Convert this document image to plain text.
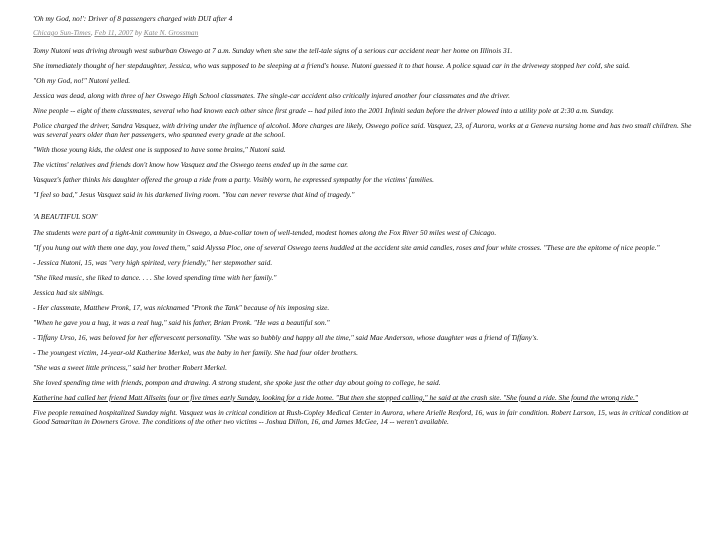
'Oh my God, no!': Driver of 8 passengers charged with DUI after 4
Chicago Sun-Times, Feb 11, 2007 by Kate N. Grossman

Tomy Nutoni was driving through west suburban Oswego at 7 a.m. Sunday when she saw the tell-tale signs of a serious car accident near her home on Illinois 31.

She immediately thought of her stepdaughter, Jessica, who was supposed to be sleeping at a friend's house. Nutoni guessed it to that house. A police squad car in the driveway stopped her cold, she said.

"Oh my God, no!" Nutoni yelled.

Jessica was dead, along with three of her Oswego High School classmates. The single-car accident also critically injured another four classmates and the driver.

Nine people -- eight of them classmates, several who had known each other since first grade -- had piled into the 2001 Infiniti sedan before the driver plowed into a utility pole at 2:30 a.m. Sunday.

Police charged the driver, Sandra Vasquez, with driving under the influence of alcohol. More charges are likely, Oswego police said. Vasquez, 23, of Aurora, works at a Geneva nursing home and has two small children. She was several years older than her passengers, who spanned every grade at the school.

"With those young kids, the oldest one is supposed to have some brains," Nutoni said.

The victims' relatives and friends don't know how Vasquez and the Oswego teens ended up in the same car.

Vasquez's father thinks his daughter offered the group a ride from a party. Visibly worn, he expressed sympathy for the victims' families.

"I feel so bad," Jesus Vasquez said in his darkened living room. "You can never reverse that kind of tragedy."

'A BEAUTIFUL SON'

The students were part of a tight-knit community in Oswego, a blue-collar town of well-tended, modest homes along the Fox River 50 miles west of Chicago.

"If you hung out with them one day, you loved them," said Alyssa Ploc, one of several Oswego teens huddled at the accident site amid candles, roses and four white crosses. "These are the epitome of nice people."

- Jessica Nutoni, 15, was "very high spirited, very friendly," her stepmother said.

"She liked music, she liked to dance. . . . She loved spending time with her family."

Jessica had six siblings.

- Her classmate, Matthew Pronk, 17, was nicknamed "Pronk the Tank" because of his imposing size.

"When he gave you a hug, it was a real hug," said his father, Brian Pronk. "He was a beautiful son."

- Tiffany Urso, 16, was beloved for her effervescent personality. "She was so bubbly and happy all the time," said Mae Anderson, whose daughter was a friend of Tiffany's.

- The youngest victim, 14-year-old Katherine Merkel, was the baby in her family. She had four older brothers.

"She was a sweet little princess," said her brother Robert Merkel.

She loved spending time with friends, pompon and drawing. A strong student, she spoke just the other day about going to college, he said.

Katherine had called her friend Matt Allseits four or five times early Sunday, looking for a ride home. "But then she stopped calling," he said at the crash site. "She found a ride. She found the wrong ride."

Five people remained hospitalized Sunday night. Vasquez was in critical condition at Rush-Copley Medical Center in Aurora, where Arielle Rexford, 16, was in fair condition. Robert Larson, 15, was in critical condition at Good Samaritan in Downers Grove. The conditions of the other two victims -- Joshua Dillon, 16, and James McGee, 14 -- weren't available.
